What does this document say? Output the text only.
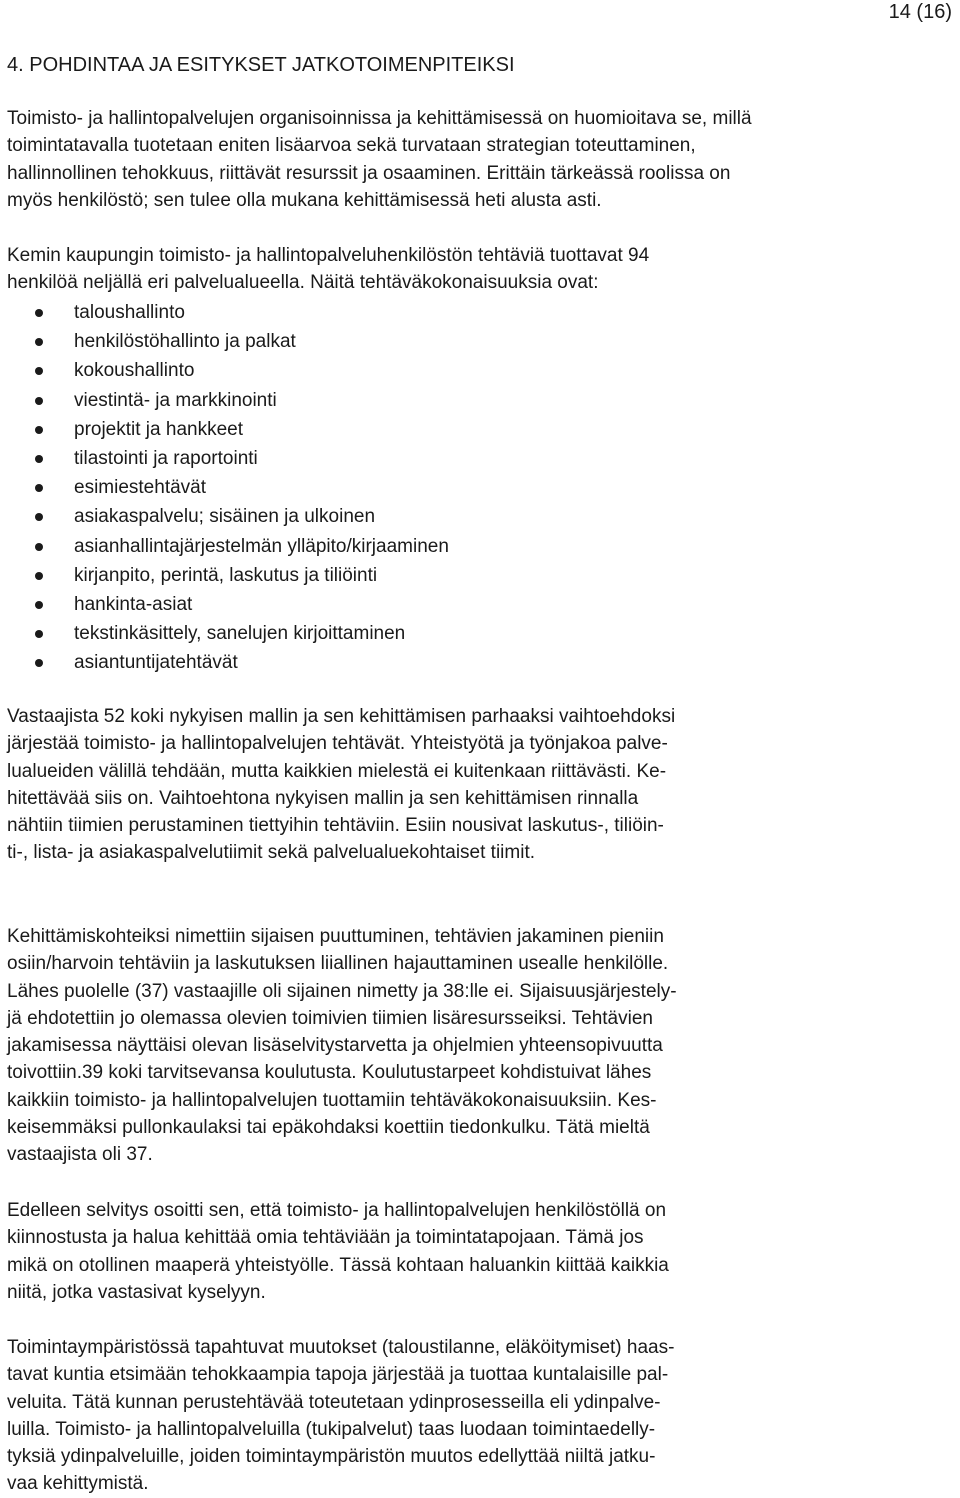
14 (16)
4. POHDINTAA JA ESITYKSET JATKOTOIMENPITEIKSI

Toimisto- ja hallintopalvelujen organisoinnissa ja kehittämisessä on huomioitava se, millä
toimintatavalla tuotetaan eniten lisäarvoa sekä turvataan strategian toteuttaminen,
hallinnollinen tehokkuus, riittävät resurssit ja osaaminen. Erittäin tärkeässä roolissa on
myös henkilöstö; sen tulee olla mukana kehittämisessä heti alusta asti.

Kemin kaupungin toimisto- ja hallintopalveluhenkilöstön tehtäviä tuottavat 94
henkilöä neljällä eri palvelualueella. Näitä tehtäväkokonaisuuksia ovat:

taloushallinto
henkilöstöhallinto ja palkat
kokoushallinto
viestintä- ja markkinointi
projektit ja hankkeet
tilastointi ja raportointi
esimiestehtävät
asiakaspalvelu; sisäinen ja ulkoinen
asianhallintajärjestelmän ylläpito/kirjaaminen
kirjanpito, perintä, laskutus ja tiliöinti
hankinta-asiat
tekstinkäsittely, sanelujen kirjoittaminen
asiantuntijatehtävät

Vastaajista 52 koki nykyisen mallin ja sen kehittämisen parhaaksi vaihtoehdoksi
järjestää toimisto- ja hallintopalvelujen tehtävät. Yhteistyötä ja työnjakoa palve-
lualueiden välillä tehdään, mutta kaikkien mielestä ei kuitenkaan riittävästi. Ke-
hitettävää siis on. Vaihtoehtona nykyisen mallin ja sen kehittämisen rinnalla
nähtiin tiimien perustaminen tiettyihin tehtäviin. Esiin nousivat laskutus-, tiliöin-
ti-, lista- ja asiakaspalvelutiimit sekä palvelualuekohtaiset tiimit.

Kehittämiskohteiksi nimettiin sijaisen puuttuminen, tehtävien jakaminen pieniin
osiin/harvoin tehtäviin ja laskutuksen liiallinen hajauttaminen usealle henkilölle.
Lähes puolelle (37) vastaajille oli sijainen nimetty ja 38:lle ei. Sijaisuusjärjestely-
jä ehdotettiin jo olemassa olevien toimivien tiimien lisäresursseiksi. Tehtävien
jakamisessa näyttäisi olevan lisäselvitystarvetta ja ohjelmien yhteensopivuutta
toivottiin.39 koki tarvitsevansa koulutusta. Koulutustarpeet kohdistuivat lähes
kaikkiin toimisto- ja hallintopalvelujen tuottamiin tehtäväkokonaisuuksiin. Kes-
keisemmäksi pullonkaulaksi tai epäkohdaksi koettiin tiedonkulku. Tätä mieltä
vastaajista oli 37.

Edelleen selvitys osoitti sen, että toimisto- ja hallintopalvelujen henkilöstöllä on
kiinnostusta ja halua kehittää omia tehtäviään ja toimintatapojaan. Tämä jos
mikä on otollinen maaperä yhteistyölle. Tässä kohtaan haluankin kiittää kaikkia
niitä, jotka vastasivat kyselyyn.

Toimintaympäristössä tapahtuvat muutokset (taloustilanne, eläköitymiset) haas-
tavat kuntia etsimään tehokkaampia tapoja järjestää ja tuottaa kuntalaisille pal-
veluita. Tätä kunnan perustehtävää toteutetaan ydinprosesseilla eli ydinpalve-
luilla. Toimisto- ja hallintopalveluilla (tukipalvelut) taas luodaan toimintaedelly-
tyksiä ydinpalveluille, joiden toimintaympäristön muutos edellyttää niiltä jatku-
vaa kehittymistä.
